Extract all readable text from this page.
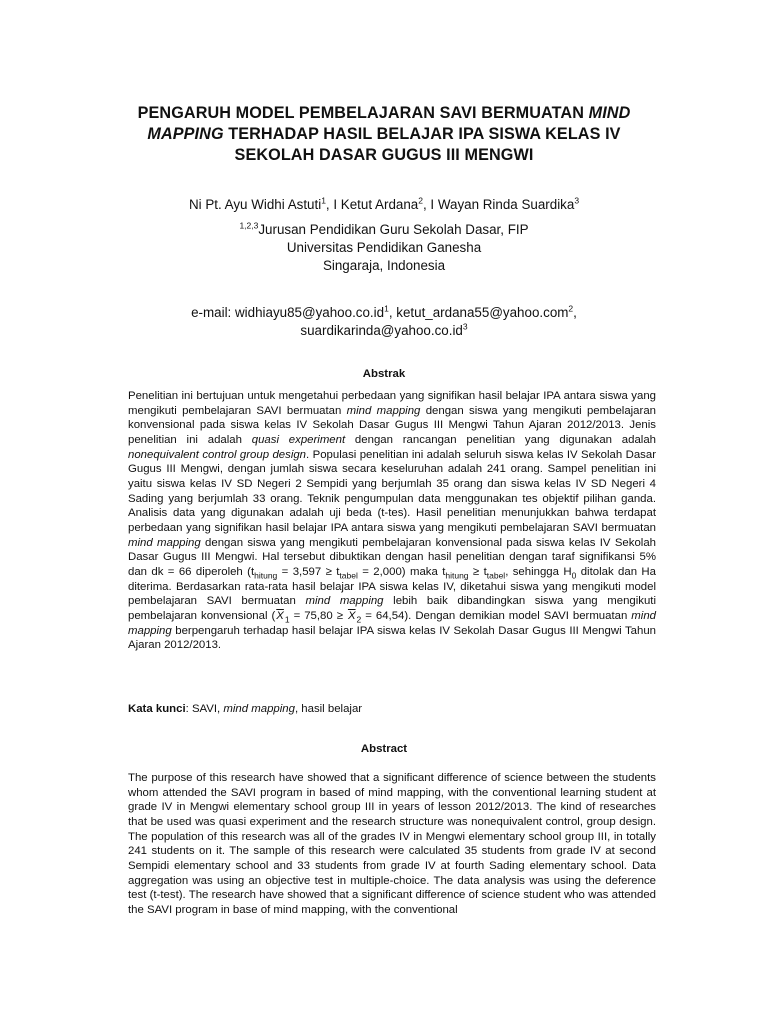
PENGARUH MODEL PEMBELAJARAN SAVI BERMUATAN MIND MAPPING TERHADAP HASIL BELAJAR IPA SISWA KELAS IV SEKOLAH DASAR GUGUS III MENGWI
Ni Pt. Ayu Widhi Astuti$^1$, I Ketut Ardana$^2$, I Wayan Rinda Suardika$^3$
$^{1,2,3}$Jurusan Pendidikan Guru Sekolah Dasar, FIP
Universitas Pendidikan Ganesha
Singaraja, Indonesia
e-mail: $widhiayu85@yahoo.co.id^1$, ketut_ardana55@yahoo.com$^2$,
$suardikarinda@yahoo.co.id^3$
Abstrak

Penelitian ini bertujuan untuk mengetahui perbedaan yang signifikan hasil belajar IPA antara siswa yang mengikuti pembelajaran SAVI bermuatan mind mapping dengan siswa yang mengikuti pembelajaran konvensional pada siswa kelas IV Sekolah Dasar Gugus III Mengwi Tahun Ajaran 2012/2013. Jenis penelitian ini adalah quasi experiment dengan rancangan penelitian yang digunakan adalah nonequivalent control group design. Populasi penelitian ini adalah seluruh siswa kelas IV Sekolah Dasar Gugus III Mengwi, dengan jumlah siswa secara keseluruhan adalah 241 orang. Sampel penelitian ini yaitu siswa kelas IV SD Negeri 2 Sempidi yang berjumlah 35 orang dan siswa kelas IV SD Negeri 4 Sading yang berjumlah 33 orang. Teknik pengumpulan data menggunakan tes objektif pilihan ganda. Analisis data yang digunakan adalah uji beda (t-tes). Hasil penelitian menunjukkan bahwa terdapat perbedaan yang signifikan hasil belajar IPA antara siswa yang mengikuti pembelajaran SAVI bermuatan mind mapping dengan siswa yang mengikuti pembelajaran konvensional pada siswa kelas IV Sekolah Dasar Gugus III Mengwi. Hal tersebut dibuktikan dengan hasil penelitian dengan taraf signifikansi 5% dan dk = 66 diperoleh $(t_{hitung} = 3,597 \ge t_{tabel} = 2,000)$ maka $t_{hitung} \ge t_{tabel}$, sehingga $H_0$ ditolak dan Ha diterima. Berdasarkan rata-rata hasil belajar IPA siswa kelas IV, diketahui siswa yang mengikuti model pembelajaran SAVI bermuatan mind mapping lebih baik dibandingkan siswa yang mengikuti pembelajaran konvensional $(\overline{X}_1 = 75,80 \ge \overline{X}_2 = 64,54)$. Dengan demikian model SAVI bermuatan mind mapping berpengaruh terhadap hasil belajar IPA siswa kelas IV Sekolah Dasar Gugus III Mengwi Tahun Ajaran 2012/2013.

Kata kunci: SAVI, mind mapping, hasil belajar
Abstract

The purpose of this research have showed that a significant difference of science between the students whom attended the SAVI program in based of mind mapping, with the conventional learning student at grade IV in Mengwi elementary school group III in years of lesson 2012/2013. The kind of researches that be used was quasi experiment and the research structure was nonequivalent control, group design. The population of this research was all of the grades IV in Mengwi elementary school group III, in totally 241 students on it. The sample of this research were calculated 35 students from grade IV at second Sempidi elementary school and 33 students from grade IV at fourth Sading elementary school. Data aggregation was using an objective test in multiple-choice. The data analysis was using the deference test (t-test). The research have showed that a significant difference of science student who was attended the SAVI program in base of mind mapping, with the conventional
